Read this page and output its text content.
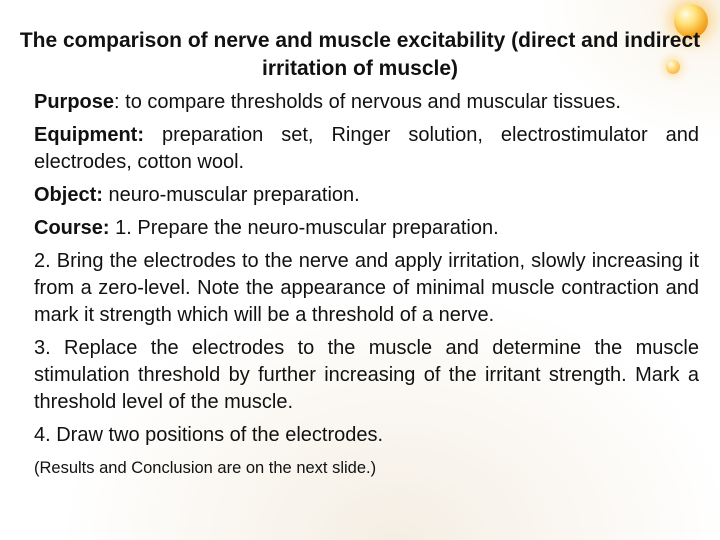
The comparison of nerve and muscle excitability (direct and indirect irritation of muscle)

Purpose: to compare thresholds of nervous and muscular tissues.

Equipment: preparation set, Ringer solution, electrostimulator and electrodes, cotton wool.

Object: neuro-muscular preparation.

Course: 1. Prepare the neuro-muscular preparation.

2. Bring the electrodes to the nerve and apply irritation, slowly increasing it from a zero-level. Note the appearance of minimal muscle contraction and mark it strength which will be a threshold of a nerve.

3. Replace the electrodes to the muscle and determine the muscle stimulation threshold by further increasing of the irritant strength. Mark a threshold level of the muscle.

4. Draw two positions of the electrodes.

(Results and Conclusion are on the next slide.)
